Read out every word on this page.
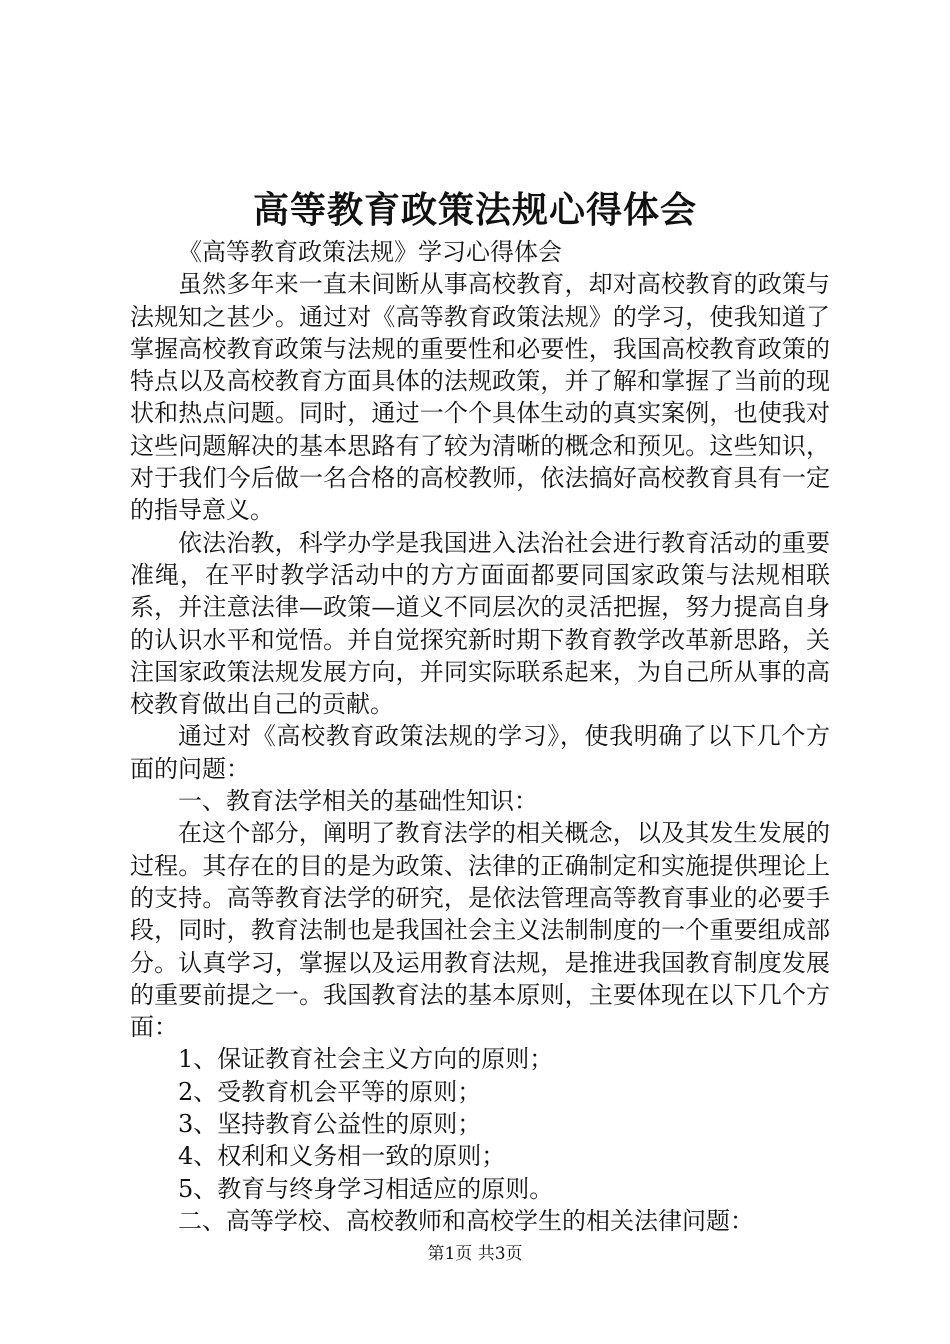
高等教育政策法规心得体会

《高等教育政策法规》学习心得体会

虽然多年来一直未间断从事高校教育，却对高校教育的政策与法规知之甚少。通过对《高等教育政策法规》的学习，使我知道了掌握高校教育政策与法规的重要性和必要性，我国高校教育政策的特点以及高校教育方面具体的法规政策，并了解和掌握了当前的现状和热点问题。同时，通过一个个具体生动的真实案例，也使我对这些问题解决的基本思路有了较为清晰的概念和预见。这些知识，对于我们今后做一名合格的高校教师，依法搞好高校教育具有一定的指导意义。

依法治教，科学办学是我国进入法治社会进行教育活动的重要准绳，在平时教学活动中的方方面面都要同国家政策与法规相联系，并注意法律—政策—道义不同层次的灵活把握，努力提高自身的认识水平和觉悟。并自觉探究新时期下教育教学改革新思路，关注国家政策法规发展方向，并同实际联系起来，为自己所从事的高校教育做出自己的贡献。

通过对《高校教育政策法规的学习》，使我明确了以下几个方面的问题：

一、教育法学相关的基础性知识：

在这个部分，阐明了教育法学的相关概念，以及其发生发展的过程。其存在的目的是为政策、法律的正确制定和实施提供理论上的支持。高等教育法学的研究，是依法管理高等教育事业的必要手段，同时，教育法制也是我国社会主义法制制度的一个重要组成部分。认真学习，掌握以及运用教育法规，是推进我国教育制度发展的重要前提之一。我国教育法的基本原则，主要体现在以下几个方面：

1、保证教育社会主义方向的原则；

2、受教育机会平等的原则；

3、坚持教育公益性的原则；

4、权利和义务相一致的原则；

5、教育与终身学习相适应的原则。

二、高等学校、高校教师和高校学生的相关法律问题：

第1页 共3页
